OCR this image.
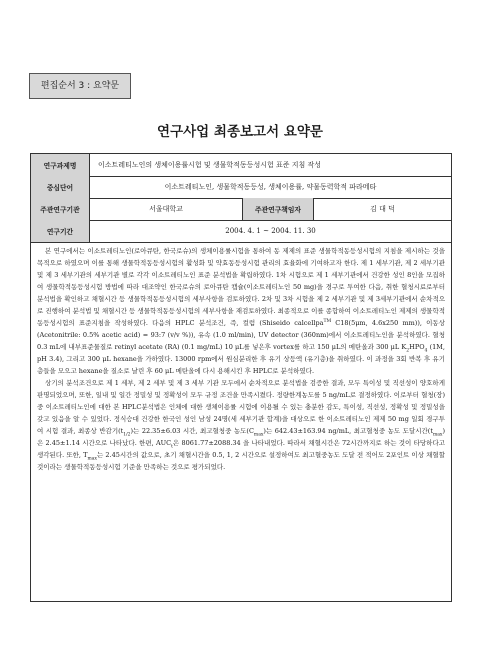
편집순서 3 : 요약문
연구사업 최종보고서 요약문
연구과제명	이소트레티노인의 생체이용률시험 및 생물학적동등성시험 표준 지침 작성
중심단어	이소트레티노인, 생물학적동등성, 생체이용률, 약물동력학적 파라메타
주관연구기관	서울대학교	주관연구책임자	김 대 덕
연구기간	2004. 4. 1 ~ 2004. 11. 30

본 연구에서는 이소트레티노인(로아큐탄, 한국로슈)의 생체이용률시험을 통하여 동 제제의 표준 생물학적동등성시험의 지침을 제시하는 것을 목적으로 하였으며 이를 통해 생물학적동등성시험의 활성화 및 약효동등성시험 관리의 효율화에 기여하고자 한다. 제 1 세부기관, 제 2 세부기관 및 제 3 세부기관의 세부기관 별로 각각 이소트레티노인 표준 분석법을 확립하였다. 1차 시험으로 제 1 세부기관에서 건강한 성인 8인을 모집하여 생물학적동등성시험 방법에 따라 대조약인 한국로슈의 로아큐탄 캡슐(이소트레티노인 50 mg)을 경구로 투여한 다음, 취한 혈청시료로부터 분석법을 확인하고 채혈시간 등 생물학적동등성시험의 세부사항을 검토하였다. 2차 및 3차 시험을 제 2 세부기관 및 제 3세부기관에서 순차적으로 진행하여 분석법 및 채혈시간 등 생물학적동등성시험의 세부사항을 재검토하였다. 최종적으로 이를 종합하여 이소트레티노인 제제의 생물학적동등성시험의 표준지침을 작성하였다. 다음의 HPLC 분석조건, 즉, 컬럼 (Shiseido calcellpa™ C18(5μm, 4.6x250 mm)), 이동상 (Acetonitrile: 0.5% acetic acid) = 93:7 (v/v %)), 유속 (1.0 ml/min), UV detector (360nm)에서 이소트레티노인을 분석하였다. 혈청 0.3 mL에 내부표준물질로 retinyl acetate (RA) (0.1 mg/mL) 10 μL를 넣은후 vortex를 하고 150 μL의 메탄올과 300 μL $K_2HPO_4$ (1M, pH 3.4), 그리고 300 μL hexane을 가하였다. 13000 rpm에서 원심분리한 후 유기 상등액 (유기층)을 취하였다. 이 과정을 3회 반복 후 유기층들을 모으고 hexane을 질소로 날린 후 60 μL 메탄올에 다시 용해시킨 후 HPLC로 분석하였다.

상기의 분석조건으로 제 1 세부, 제 2 세부 및 제 3 세부 기관 모두에서 순차적으로 분석법을 검증한 결과, 모두 특이성 및 직선성이 양호하게 판명되었으며, 또한, 일내 및 일간 정밀성 및 정확성이 모두 규정 조건을 만족시켰다. 정량한계농도를 5 ng/mL로 결정하였다. 이로부터 혈청(장) 중 이소트레티노인에 대한 본 HPLC분석법은 인체에 대한 생체이용률 시험에 이용될 수 있는 충분한 감도, 특이성, 직선성, 정확성 및 정밀성을 갖고 있음을 알 수 있었다. 정식승대 건강한 한국인 성인 남성 24명(세 세부기관 합계)을 대상으로 한 이소트레티노인 제제 50 mg 일회 경구투여 시험 결과, 최종상 반감기$(t_{1/2})$는 22.35±6.03 시간, 최고혈청중 농도$(C_{max})$는 642.43±163.94 ng/mL, 최고혈청중 농도 도달시간$(t_{max})$은 2.45±1.14 시간으로 나타났다. 한편, $AUC_t$은 8061.77±2088.34 을 나타내었다. 따라서 채혈시간은 72시간까지로 하는 것이 타당하다고 생각된다. 또한, $T_{max}$는 2.45시간의 값으로, 초기 채혈시간을 0.5, 1, 2 시간으로 설정하여도 최고혈중농도 도달 전 적어도 2포인트 이상 채혈할 것이라는 생물학적동등성시험 기준을 만족하는 것으로 평가되었다.
